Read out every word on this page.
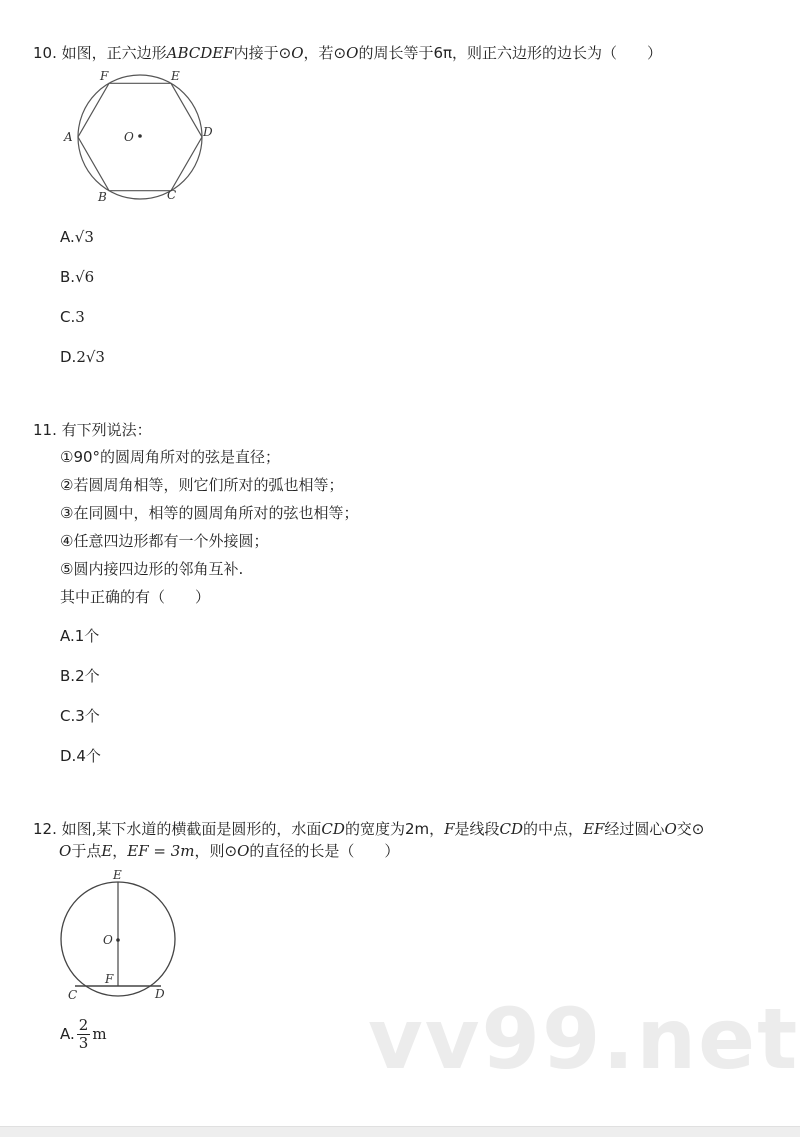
10. 如图，正六边形ABCDEF内接于⊙O，若⊙O的周长等于6π，则正六边形的边长为（　　）
O
E
F
A	D
B	C
A.√3
B.√6
C.3
D.2√3
11. 有下列说法：
①90°的圆周角所对的弦是直径；
②若圆周角相等，则它们所对的弧也相等；
③在同圆中，相等的圆周角所对的弦也相等；
④任意四边形都有一个外接圆；
⑤圆内接四边形的邻角互补.
其中正确的有（　　）
A.1个
B.2个
C.3个
D.4个
12. 如图,某下水道的横截面是圆形的，水面CD的宽度为2m，F是线段CD的中点，EF经过圆心O交⊙
O于点E，EF = 3m，则⊙O的直径的长是（　　）
E
O
F
C	D
A. $\frac{2}{3}$ m	vv99.net
